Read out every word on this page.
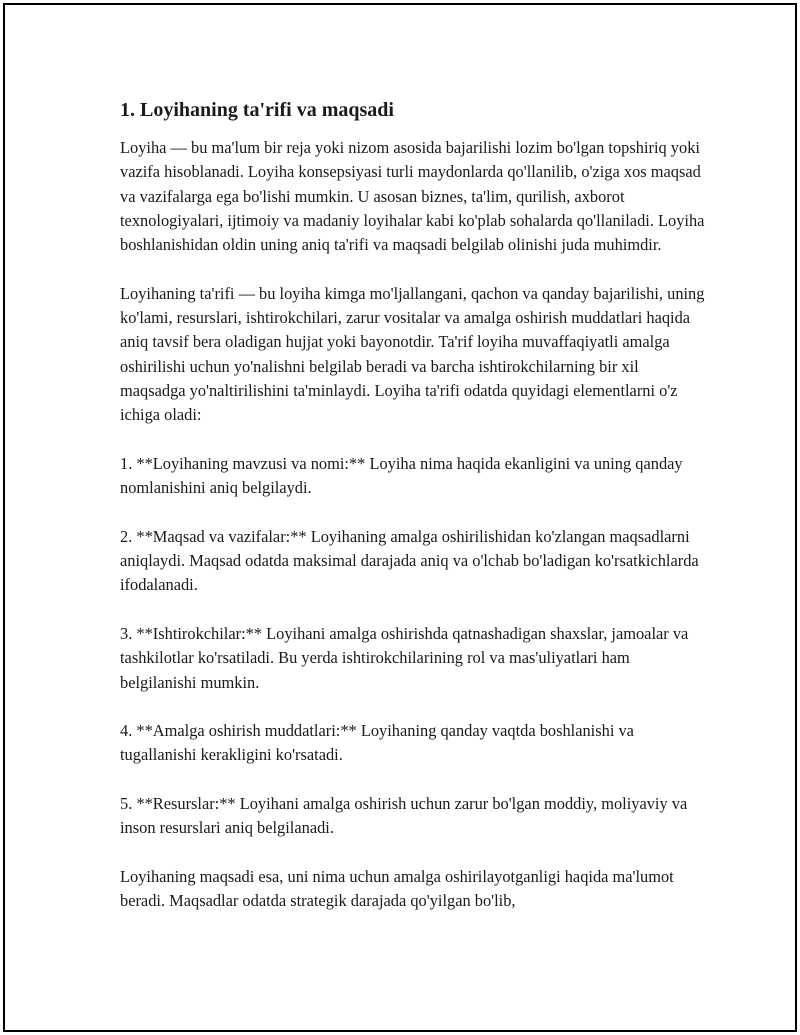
1. Loyihaning ta'rifi va maqsadi

Loyiha — bu ma'lum bir reja yoki nizom asosida bajarilishi lozim bo'lgan topshiriq yoki vazifa hisoblanadi. Loyiha konsepsiyasi turli maydonlarda qo'llanilib, o'ziga xos maqsad va vazifalarga ega bo'lishi mumkin. U asosan biznes, ta'lim, qurilish, axborot texnologiyalari, ijtimoiy va madaniy loyihalar kabi ko'plab sohalarda qo'llaniladi. Loyiha boshlanishidan oldin uning aniq ta'rifi va maqsadi belgilab olinishi juda muhimdir.

Loyihaning ta'rifi — bu loyiha kimga mo'ljallangani, qachon va qanday bajarilishi, uning ko'lami, resurslari, ishtirokchilari, zarur vositalar va amalga oshirish muddatlari haqida aniq tavsif bera oladigan hujjat yoki bayonotdir. Ta'rif loyiha muvaffaqiyatli amalga oshirilishi uchun yo'nalishni belgilab beradi va barcha ishtirokchilarning bir xil maqsadga yo'naltirilishini ta'minlaydi. Loyiha ta'rifi odatda quyidagi elementlarni o'z ichiga oladi:

1. **Loyihaning mavzusi va nomi:** Loyiha nima haqida ekanligini va uning qanday nomlanishini aniq belgilaydi.

2. **Maqsad va vazifalar:** Loyihaning amalga oshirilishidan ko'zlangan maqsadlarni aniqlaydi. Maqsad odatda maksimal darajada aniq va o'lchab bo'ladigan ko'rsatkichlarda ifodalanadi.

3. **Ishtirokchilar:** Loyihani amalga oshirishda qatnashadigan shaxslar, jamoalar va tashkilotlar ko'rsatiladi. Bu yerda ishtirokchilarining rol va mas'uliyatlari ham belgilanishi mumkin.

4. **Amalga oshirish muddatlari:** Loyihaning qanday vaqtda boshlanishi va tugallanishi kerakligini ko'rsatadi.

5. **Resurslar:** Loyihani amalga oshirish uchun zarur bo'lgan moddiy, moliyaviy va inson resurslari aniq belgilanadi.

Loyihaning maqsadi esa, uni nima uchun amalga oshirilayotganligi haqida ma'lumot beradi. Maqsadlar odatda strategik darajada qo'yilgan bo'lib,
